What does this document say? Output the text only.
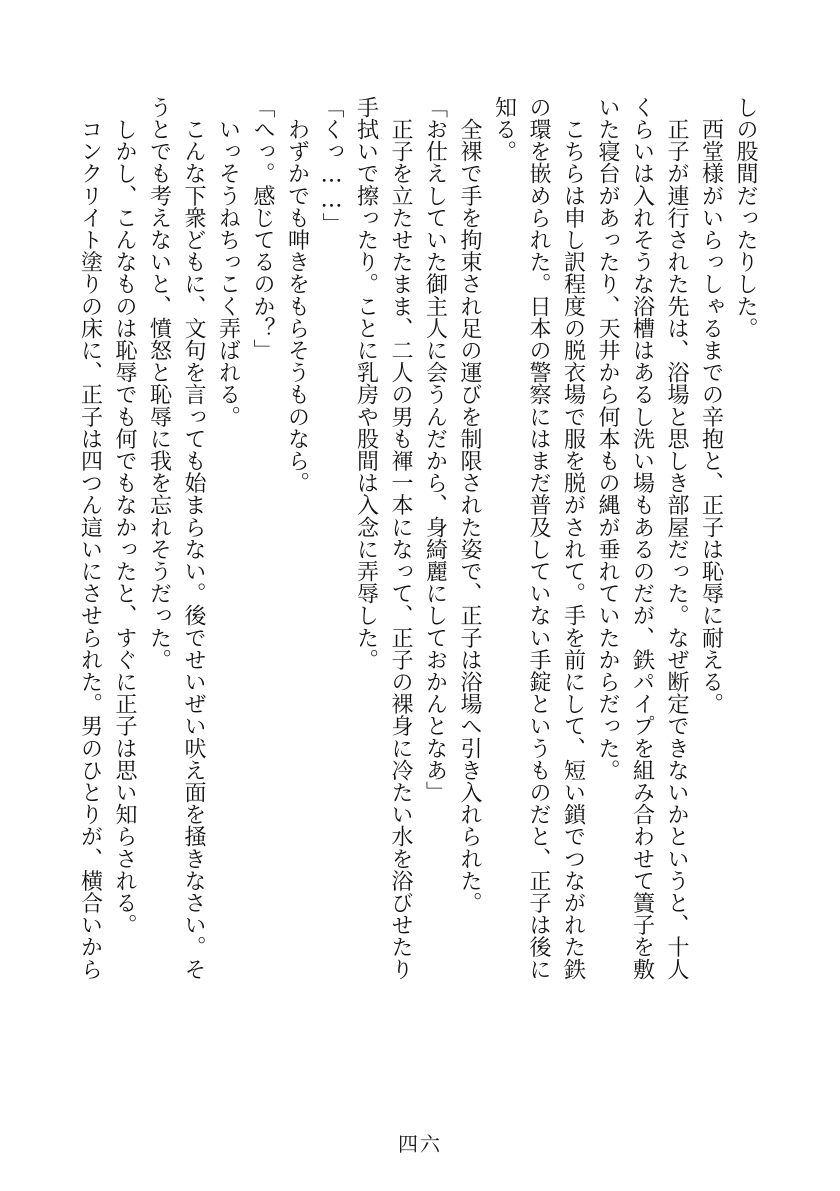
しの股間だったりした。

　西堂様がいらっしゃるまでの辛抱と、正子は恥辱に耐える。

　正子が連行された先は、浴場と思しき部屋だった。なぜ断定できないかというと、十人

くらいは入れそうな浴槽はあるし洗い場もあるのだが、鉄パイプを組み合わせて簀子を敷

いた寝台があったり、天井から何本もの縄が垂れていたからだった。

　こちらは申し訳程度の脱衣場で服を脱がされて。手を前にして、短い鎖でつながれた鉄

の環を嵌められた。日本の警察にはまだ普及していない手錠というものだと、正子は後に

知る。

　全裸で手を拘束され足の運びを制限された姿で、正子は浴場へ引き入れられた。

「お仕えしていた御主人に会うんだから、身綺麗にしておかんとなあ」

　正子を立たせたまま、二人の男も褌一本になって、正子の裸身に冷たい水を浴びせたり

手拭いで擦ったり。ことに乳房や股間は入念に弄辱した。

「くっ……」

　わずかでも呻きをもらそうものなら。

「へっ。感じてるのか？」

　いっそうねちっこく弄ばれる。

　こんな下衆どもに、文句を言っても始まらない。後でせいぜい吠え面を掻きなさい。そ

うとでも考えないと、憤怒と恥辱に我を忘れそうだった。

　しかし、こんなものは恥辱でも何でもなかったと、すぐに正子は思い知らされる。

　コンクリイト塗りの床に、正子は四つん這いにさせられた。男のひとりが、横合いから

四六
